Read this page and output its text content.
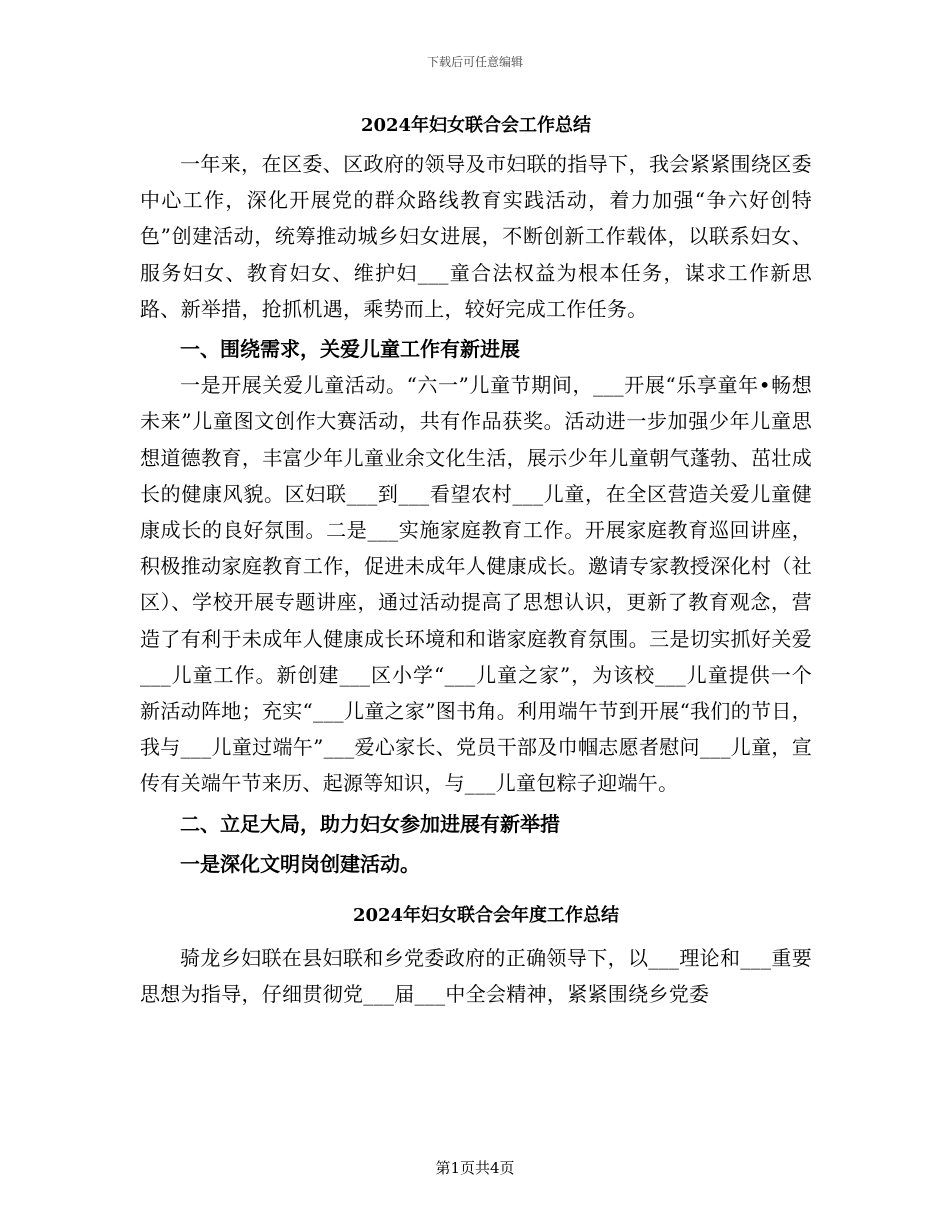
下载后可任意编辑
2024年妇女联合会工作总结

一年来，在区委、区政府的领导及市妇联的指导下，我会紧紧围绕区委中心工作，深化开展党的群众路线教育实践活动，着力加强“争六好创特色”创建活动，统筹推动城乡妇女进展，不断创新工作载体，以联系妇女、服务妇女、教育妇女、维护妇___童合法权益为根本任务，谋求工作新思路、新举措，抢抓机遇，乘势而上，较好完成工作任务。

一、围绕需求，关爱儿童工作有新进展

一是开展关爱儿童活动。“六一”儿童节期间，___开展“乐享童年•畅想未来”儿童图文创作大赛活动，共有作品获奖。活动进一步加强少年儿童思想道德教育，丰富少年儿童业余文化生活，展示少年儿童朝气蓬勃、茁壮成长的健康风貌。区妇联___到___看望农村___儿童，在全区营造关爱儿童健康成长的良好氛围。二是___实施家庭教育工作。开展家庭教育巡回讲座，积极推动家庭教育工作，促进未成年人健康成长。邀请专家教授深化村（社区）、学校开展专题讲座，通过活动提高了思想认识，更新了教育观念，营造了有利于未成年人健康成长环境和和谐家庭教育氛围。三是切实抓好关爱___儿童工作。新创建___区小学“___儿童之家”，为该校___儿童提供一个新活动阵地；充实“___儿童之家”图书角。利用端午节到开展“我们的节日，我与___儿童过端午”___爱心家长、党员干部及巾帼志愿者慰问___儿童，宣传有关端午节来历、起源等知识，与___儿童包粽子迎端午。

二、立足大局，助力妇女参加进展有新举措
一是深化文明岗创建活动。
2024年妇女联合会年度工作总结

骑龙乡妇联在县妇联和乡党委政府的正确领导下，以___理论和___重要思想为指导，仔细贯彻党___届___中全会精神，紧紧围绕乡党委

第1页共4页
